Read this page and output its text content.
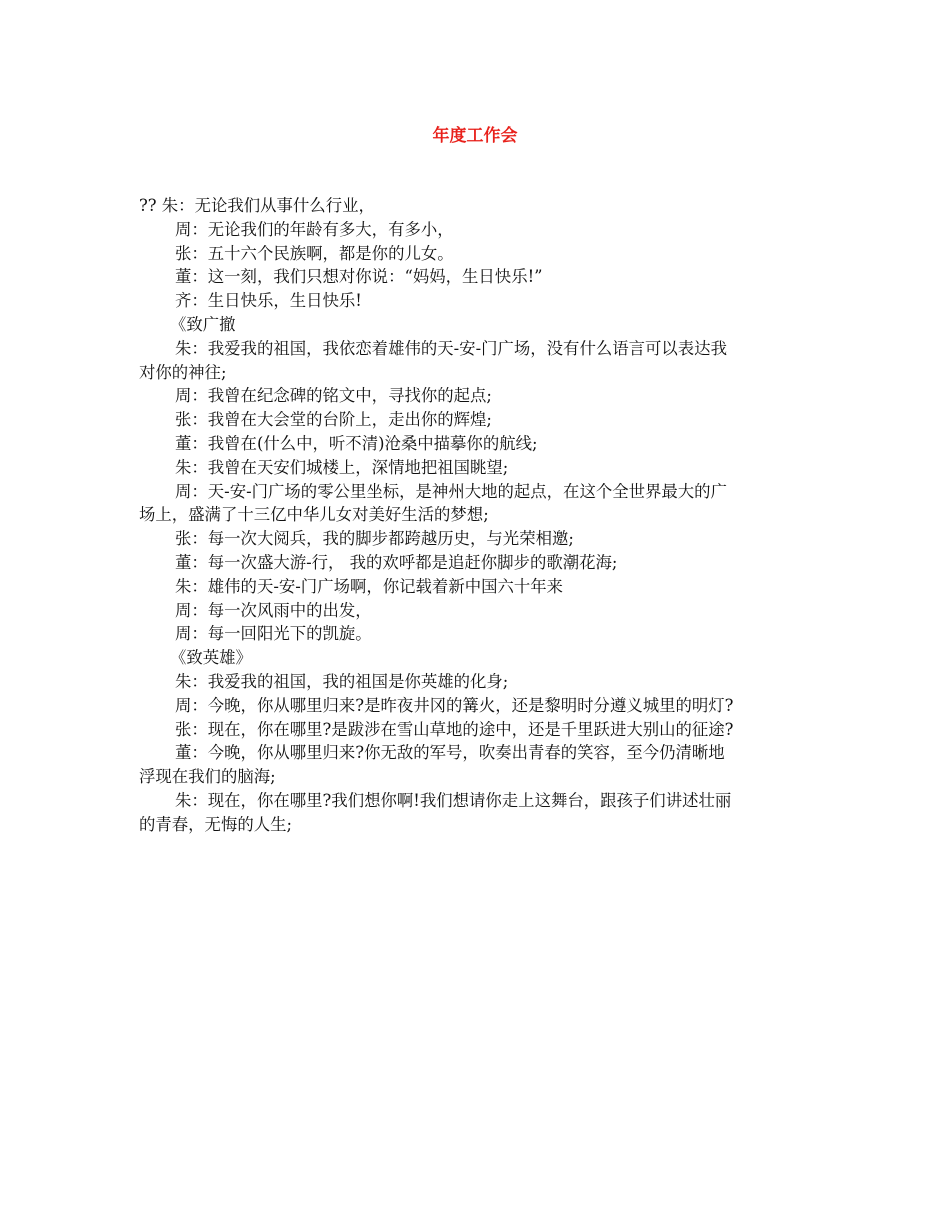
年度工作会
?? 朱：无论我们从事什么行业，
周：无论我们的年龄有多大，有多小，
张：五十六个民族啊，都是你的儿女。
董：这一刻，我们只想对你说：“妈妈，生日快乐!”
齐：生日快乐，生日快乐!
《致广撤
朱：我爱我的祖国，我依恋着雄伟的天-安-门广场，没有什么语言可以表达我
对你的神往;
周：我曾在纪念碑的铭文中，寻找你的起点;
张：我曾在大会堂的台阶上，走出你的辉煌;
董：我曾在(什么中，听不清)沧桑中描摹你的航线;
朱：我曾在天安们城楼上，深情地把祖国眺望;
周：天-安-门广场的零公里坐标，是神州大地的起点，在这个全世界最大的广
场上，盛满了十三亿中华儿女对美好生活的梦想;
张：每一次大阅兵，我的脚步都跨越历史，与光荣相邀;
董：每一次盛大游-行， 我的欢呼都是追赶你脚步的歌潮花海;
朱：雄伟的天-安-门广场啊，你记载着新中国六十年来
周：每一次风雨中的出发，
周：每一回阳光下的凯旋。
《致英雄》
朱：我爱我的祖国，我的祖国是你英雄的化身;
周：今晚，你从哪里归来?是昨夜井冈的篝火，还是黎明时分遵义城里的明灯?
张：现在，你在哪里?是跋涉在雪山草地的途中，还是千里跃进大别山的征途?
董：今晚，你从哪里归来?你无敌的军号，吹奏出青春的笑容，至今仍清晰地
浮现在我们的脑海;
朱：现在，你在哪里?我们想你啊!我们想请你走上这舞台，跟孩子们讲述壮丽
的青春，无悔的人生;
